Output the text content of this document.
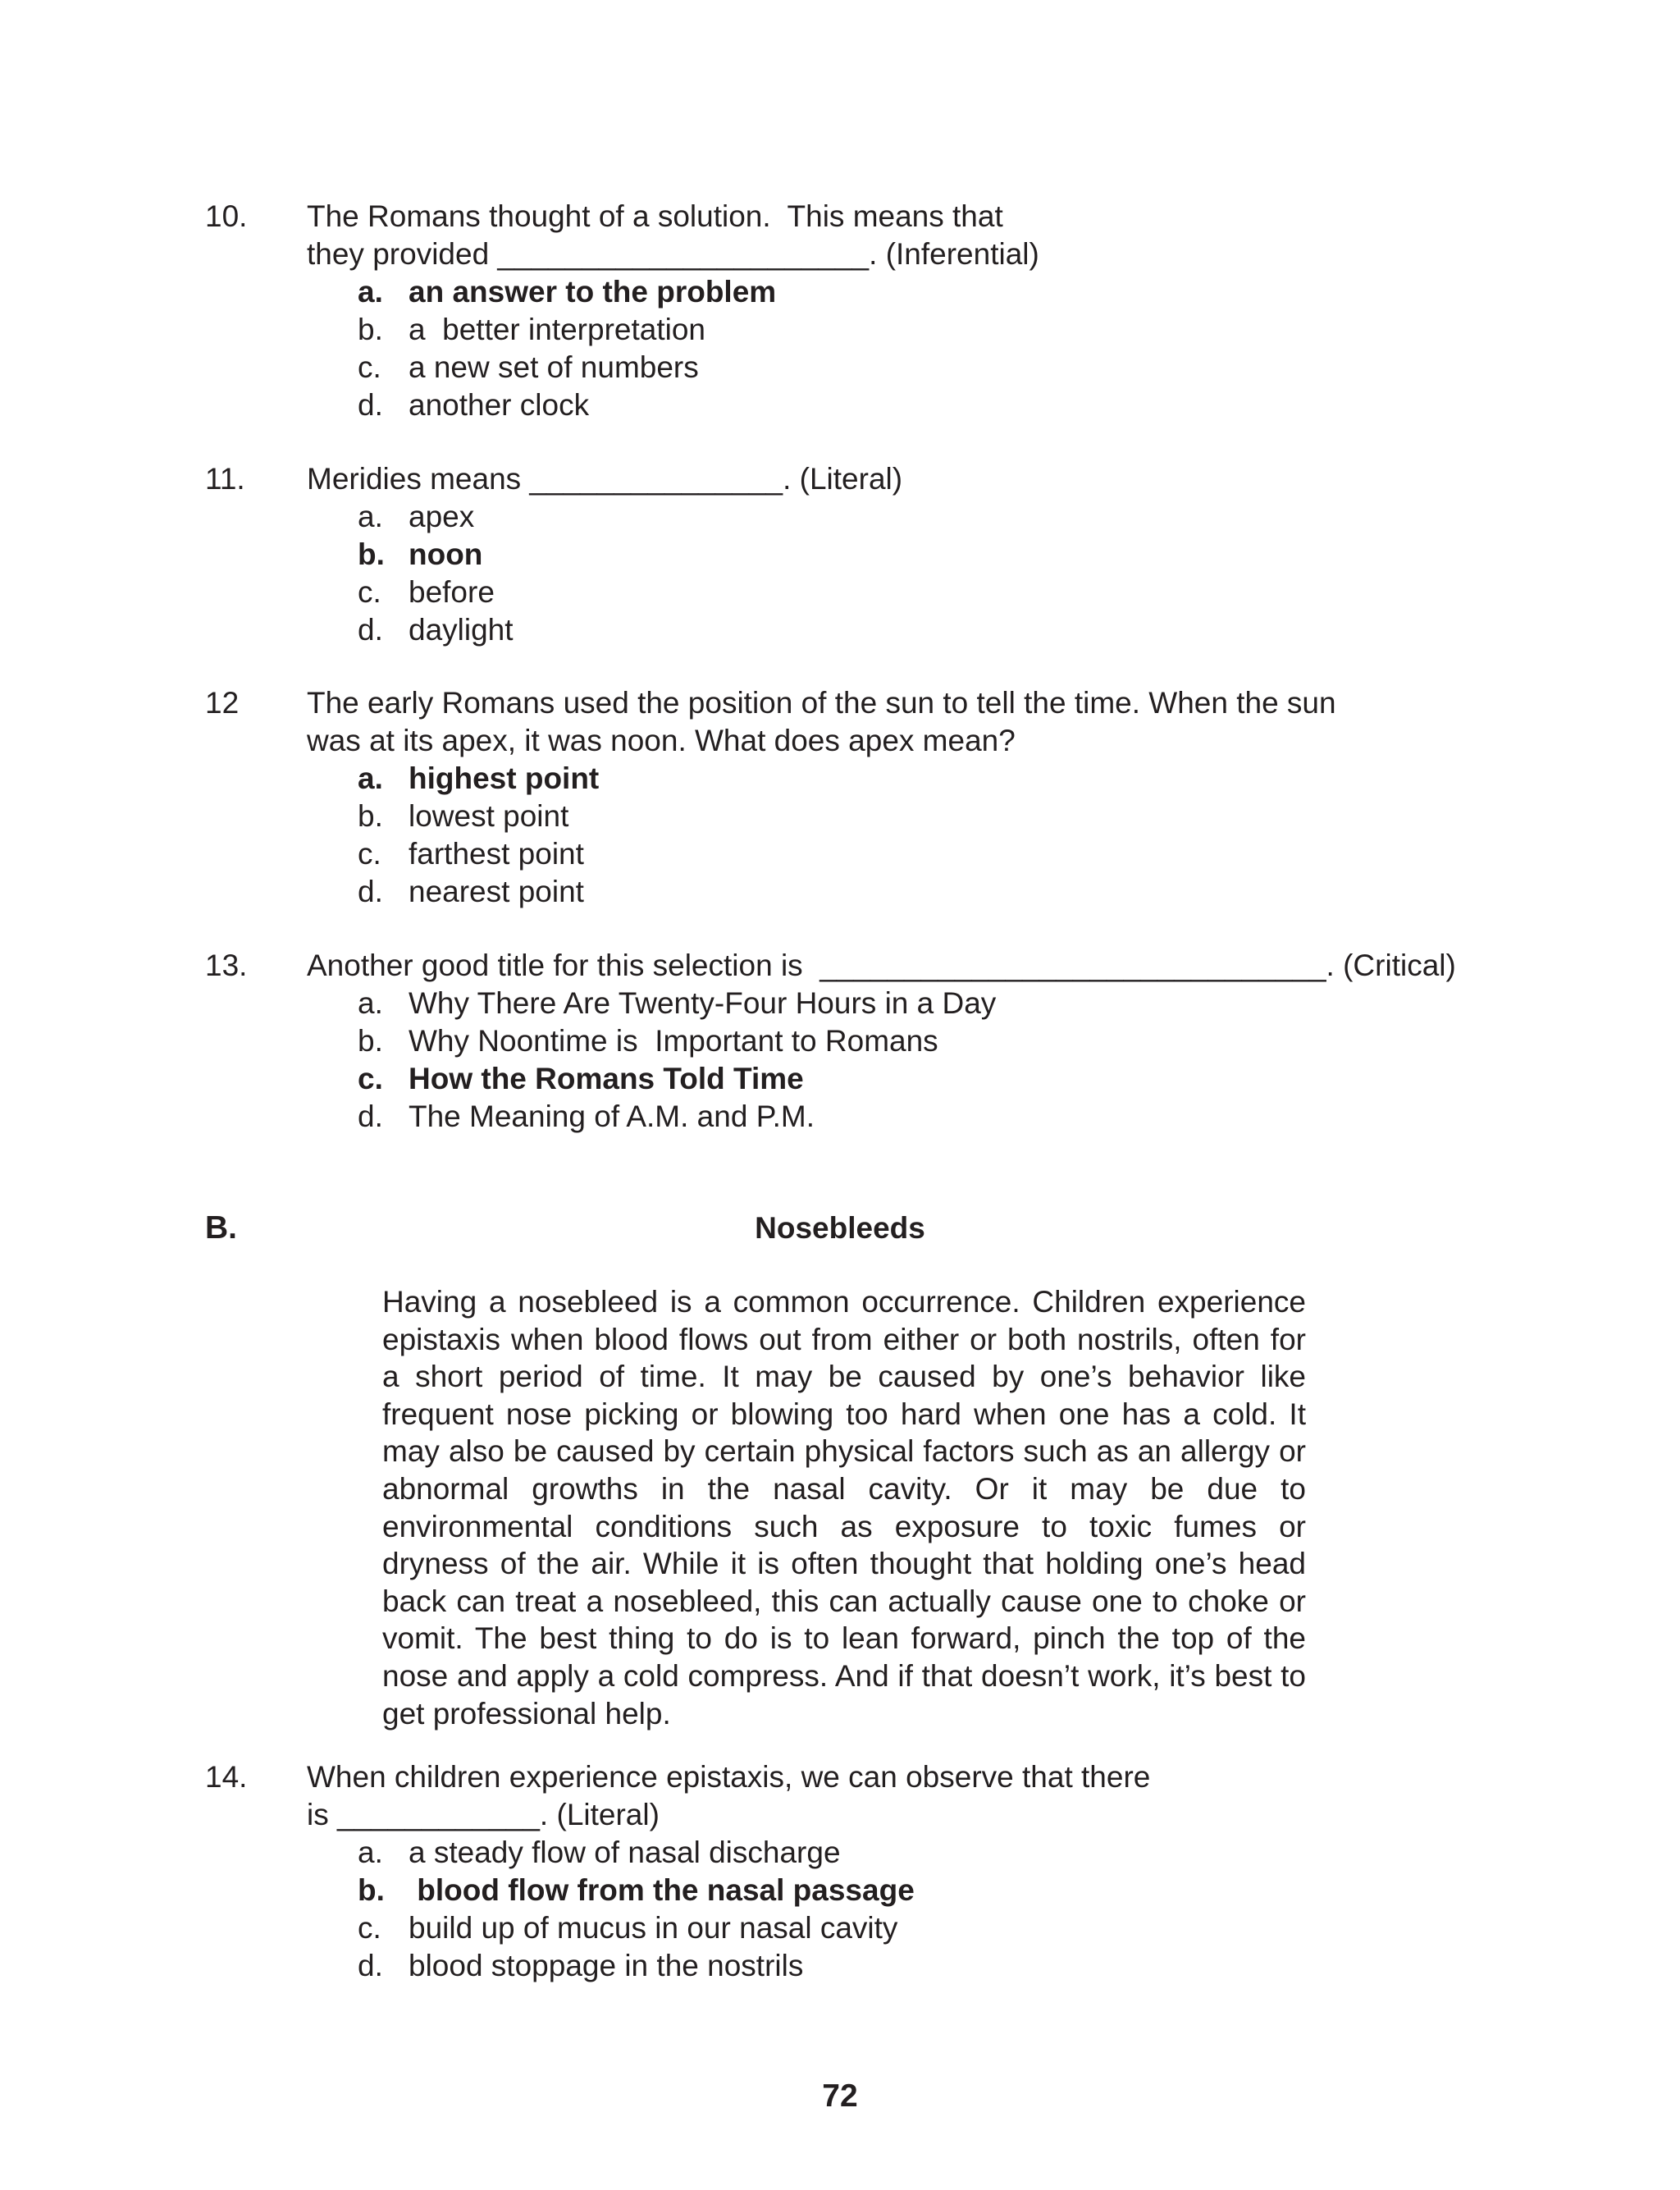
10. The Romans thought of a solution.  This means that
they provided ______________________. (Inferential)
a. an answer to the problem
b. a  better interpretation
c. a new set of numbers
d. another clock
11. Meridies means _______________. (Literal)
a. apex
b. noon
c. before
d. daylight
12 The early Romans used the position of the sun to tell the time. When the sun
was at its apex, it was noon. What does apex mean?
a. highest point
b. lowest point
c. farthest point
d. nearest point
13. Another good title for this selection is  ______________________________. (Critical)
a. Why There Are Twenty-Four Hours in a Day
b. Why Noontime is  Important to Romans
c. How the Romans Told Time
d. The Meaning of A.M. and P.M.
B.	Nosebleeds
Having a nosebleed is a common occurrence. Children experience epistaxis when blood flows out from either or both nostrils, often for a short period of time. It may be caused by one’s behavior like frequent nose picking or blowing too hard when one has a cold. It may also be caused by certain physical factors such as an allergy or abnormal growths in the nasal cavity. Or it may be due to environmental conditions such as exposure to toxic fumes or dryness of the air. While it is often thought that holding one’s head back can treat a nosebleed, this can actually cause one to choke or vomit. The best thing to do is to lean forward, pinch the top of the nose and apply a cold compress. And if that doesn’t work, it’s best to get professional help.
14. When children experience epistaxis, we can observe that there
is ____________. (Literal)
a. a steady flow of nasal discharge
b. blood flow from the nasal passage
c. build up of mucus in our nasal cavity
d. blood stoppage in the nostrils
72
